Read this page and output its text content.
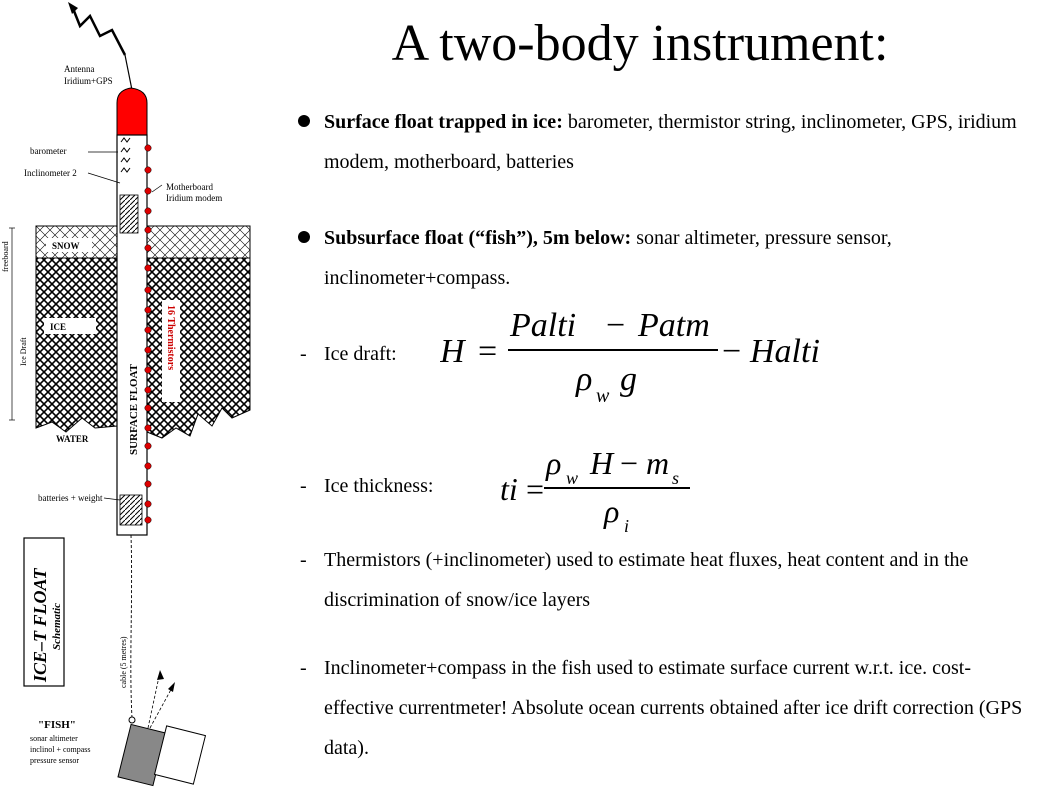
Antenna
Iridium+GPS
barometer
Inclinometer 2
Motherboard
Iridium modem
freeboard	SNOW
Ice Draft
ICE
WATER
16 Thermistors
SURFACE FLOAT
batteries + weight
ICE–T FLOAT Schematic
cable (5 metres)
"FISH"
sonar altimeter
inclinol + compass
pressure sensor
A two-body instrument:
Surface float trapped in ice: barometer, thermistor string, inclinometer, GPS, iridium modem, motherboard, batteries
Subsurface float (“fish”), 5m below: sonar altimeter, pressure sensor, inclinometer+compass.
- Ice draft:
- Ice thickness:
- Thermistors (+inclinometer) used to estimate heat fluxes, heat content and in the discrimination of snow/ice layers
- Inclinometer+compass in the fish used to estimate surface current w.r.t. ice. cost-effective currentmeter! Absolute ocean currents obtained after ice drift correction (GPS data).
H =
Palti − Patm
ρ w g
− Halti
ti =
ρ w H − m s
ρ i
